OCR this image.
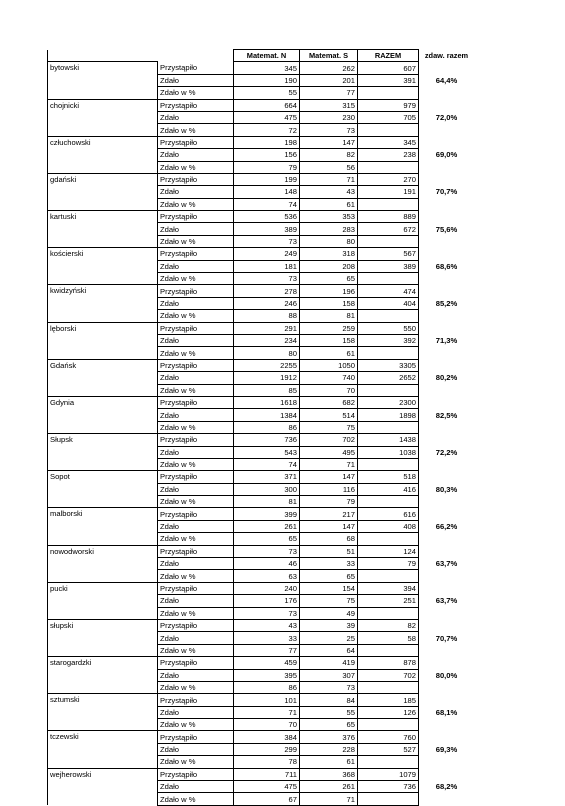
		Matemat. N	Matemat. S	RAZEM	zdaw. razem
bytowski	Przystąpiło	345	262	607	
	Zdało	190	201	391	64,4%
	Zdało w %	55	77		
chojnicki	Przystąpiło	664	315	979	
	Zdało	475	230	705	72,0%
	Zdało w %	72	73		
człuchowski	Przystąpiło	198	147	345	
	Zdało	156	82	238	69,0%
	Zdało w %	79	56		
gdański	Przystąpiło	199	71	270	
	Zdało	148	43	191	70,7%
	Zdało w %	74	61		
kartuski	Przystąpiło	536	353	889	
	Zdało	389	283	672	75,6%
	Zdało w %	73	80		
kościerski	Przystąpiło	249	318	567	
	Zdało	181	208	389	68,6%
	Zdało w %	73	65		
kwidzyński	Przystąpiło	278	196	474	
	Zdało	246	158	404	85,2%
	Zdało w %	88	81		
lęborski	Przystąpiło	291	259	550	
	Zdało	234	158	392	71,3%
	Zdało w %	80	61		
Gdańsk	Przystąpiło	2255	1050	3305	
	Zdało	1912	740	2652	80,2%
	Zdało w %	85	70		
Gdynia	Przystąpiło	1618	682	2300	
	Zdało	1384	514	1898	82,5%
	Zdało w %	86	75		
Słupsk	Przystąpiło	736	702	1438	
	Zdało	543	495	1038	72,2%
	Zdało w %	74	71		
Sopot	Przystąpiło	371	147	518	
	Zdało	300	116	416	80,3%
	Zdało w %	81	79		
malborski	Przystąpiło	399	217	616	
	Zdało	261	147	408	66,2%
	Zdało w %	65	68		
nowodworski	Przystąpiło	73	51	124	
	Zdało	46	33	79	63,7%
	Zdało w %	63	65		
pucki	Przystąpiło	240	154	394	
	Zdało	176	75	251	63,7%
	Zdało w %	73	49		
słupski	Przystąpiło	43	39	82	
	Zdało	33	25	58	70,7%
	Zdało w %	77	64		
starogardzki	Przystąpiło	459	419	878	
	Zdało	395	307	702	80,0%
	Zdało w %	86	73		
sztumski	Przystąpiło	101	84	185	
	Zdało	71	55	126	68,1%
	Zdało w %	70	65		
tczewski	Przystąpiło	384	376	760	
	Zdało	299	228	527	69,3%
	Zdało w %	78	61		
wejherowski	Przystąpiło	711	368	1079	
	Zdało	475	261	736	68,2%
	Zdało w %	67	71		
